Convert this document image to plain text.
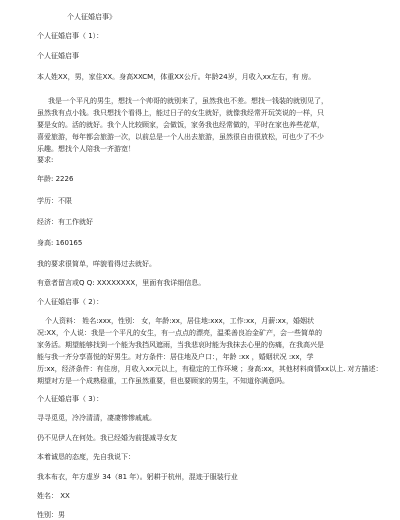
个人征婚启事》
个人征婚启事（ 1）：
个人征婚启事
本人姓XX，男，家住XX。身高XXCM，体重XX公斤。年龄24岁，月收入xx左右，有 房。
我是一个平凡的男生，想找一个帅哥的就别来了，虽然我也不差。想找一钱装的就别见了，
虽然我有点小钱。我只想找个看得上，能过日子的女生就好，就像我经常开玩笑说的一样，只
要是女的。活的就好。我个人比较顾家，会做饭，家务我也经常做的，平时在家也养些花草，
喜爱旅游，每年都会旅游一次，以前总是一个人出去旅游，虽然很自由很放松，可也少了不少
乐趣。想找个人陪我一齐游宽！
要求:
年龄: 2226
学历：不限
经济：有工作就好
身高: 160165
我的要求很简单，咩貌看得过去就好。
有意者留言或Q Q: XXXXXXXX，里面有我详细信息。
个人征婚启事（ 2）：
个人资料： 姓名:xxx，性别： 女，年龄:xx，居住地:xxx，工作:xx，月薪:xx，婚姻状
况:XX，个人说：我是一个平凡的女生，有一点点的漂亮，温柔善良冶金矿产，会一些简单的
家务活。期望能够找到一个能为我挡风遮雨，当我悲哀时能为我抹去心里的伤痛，在我高兴是
能与我一齐分享喜悦的好男生。对方条件：居住地及户口：，年龄 :xx ，婚姻状况 :xx，学
历:xx，经济条件：有住房，月收入xx元以上，有稳定的工作环境 ；身高:xx，其他材料商情xx以上. 对方描述：
期望对方是一个成熟稳重，工作虽然重要，但也要顾家的男生，不知道你满意吗。
个人征婚启事（ 3）：
寻寻觅觅，冷冷清清，凄凄惨惨戚戚。
仍不见伊人在何处。我已经婚为前提减寻女友
本着诚恳的态度，先自我说下：
我本布衣，年方虚岁 34（81 年）。躬耕于杭州，混迹于服装行业
姓名： XX
性别：男
